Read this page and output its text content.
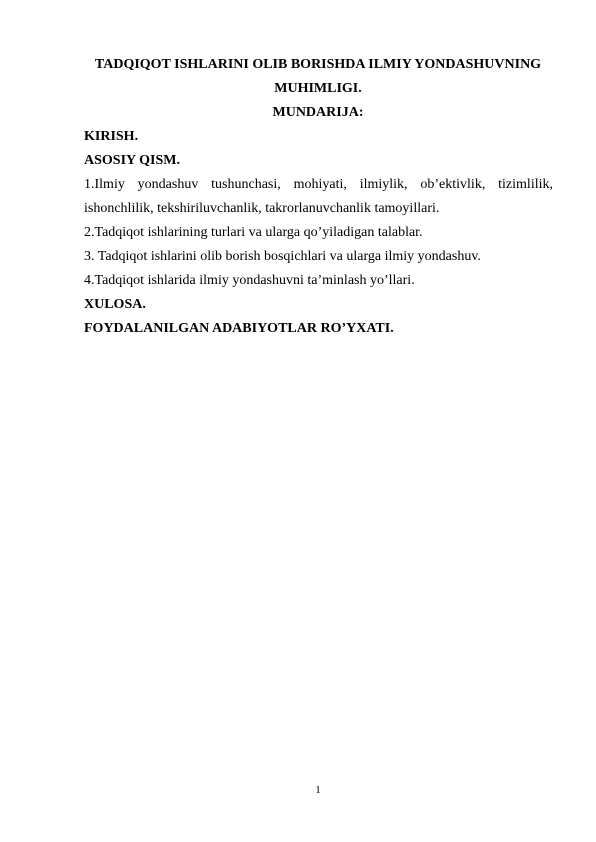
TADQIQOT ISHLARINI OLIB BORISHDA ILMIY YONDASHUVNING
MUHIMLIGI.
MUNDARIJA:
KIRISH.
ASOSIY QISM.
1.Ilmiy yondashuv tushunchasi, mohiyati, ilmiylik, ob’ektivlik, tizimlilik,
ishonchlilik, tekshiriluvchanlik, takrorlanuvchanlik tamoyillari.
2.Tadqiqot ishlarining turlari va ularga qo’yiladigan talablar.
3. Tadqiqot ishlarini olib borish bosqichlari va ularga ilmiy yondashuv.
4.Tadqiqot ishlarida ilmiy yondashuvni ta’minlash yo’llari.
XULOSA.
FOYDALANILGAN ADABIYOTLAR RO’YXATI.
1
